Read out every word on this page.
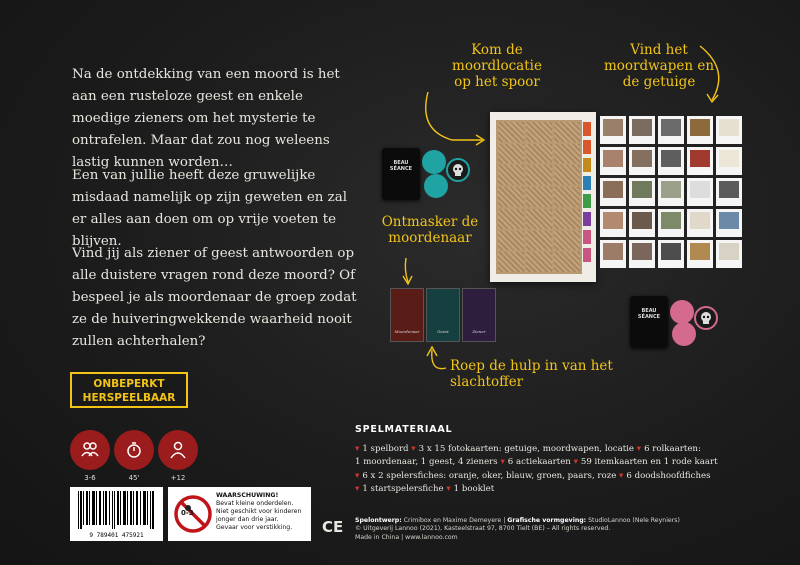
Na de ontdekking van een moord is het aan een rusteloze geest en enkele moedige zieners om het mysterie te ontrafelen. Maar dat zou nog weleens lastig kunnen worden…

Een van jullie heeft deze gruwelijke misdaad namelijk op zijn geweten en zal er alles aan doen om op vrije voeten te blijven.

Vind jij als ziener of geest antwoorden op alle duistere vragen rond deze moord? Of bespeel je als moordenaar de groep zodat ze de huiveringwekkende waarheid nooit zullen achterhalen?

ONBEPERKT
HERSPEELBAAR
3-6	45'	+12
9 789401 475921
0-3
WAARSCHUWING!
Bevat kleine onderdelen.
Niet geschikt voor kinderen
jonger dan drie jaar.
Gevaar voor verstikking.	CE
Kom de moordlocatie op het spoor
Vind het moordwapen en de getuige
Ontmasker de moordenaar
Roep de hulp in van het slachtoffer
BEAU
SÉANCE
BEAU
SÉANCE
Moordenaar	Geest	Ziener
SPELMATERIAAL
▾ 1 spelbord ▾ 3 x 15 fotokaarten: getuige, moordwapen, locatie ▾ 6 rolkaarten:
1 moordenaar, 1 geest, 4 zieners ▾ 6 actiekaarten ▾ 59 itemkaarten en 1 rode kaart
▾ 6 x 2 spelersfiches: oranje, oker, blauw, groen, paars, roze ▾ 6 doodshoofdfiches
▾ 1 startspelersfiche ▾ 1 booklet
Spelontwerp: Crimibox en Maxime Demeyere | Grafische vormgeving: StudioLannoo (Nele Reyniers)
© Uitgeverij Lannoo (2021), Kasteelstraat 97, 8700 Tielt (BE) – All rights reserved.
Made in China | www.lannoo.com
